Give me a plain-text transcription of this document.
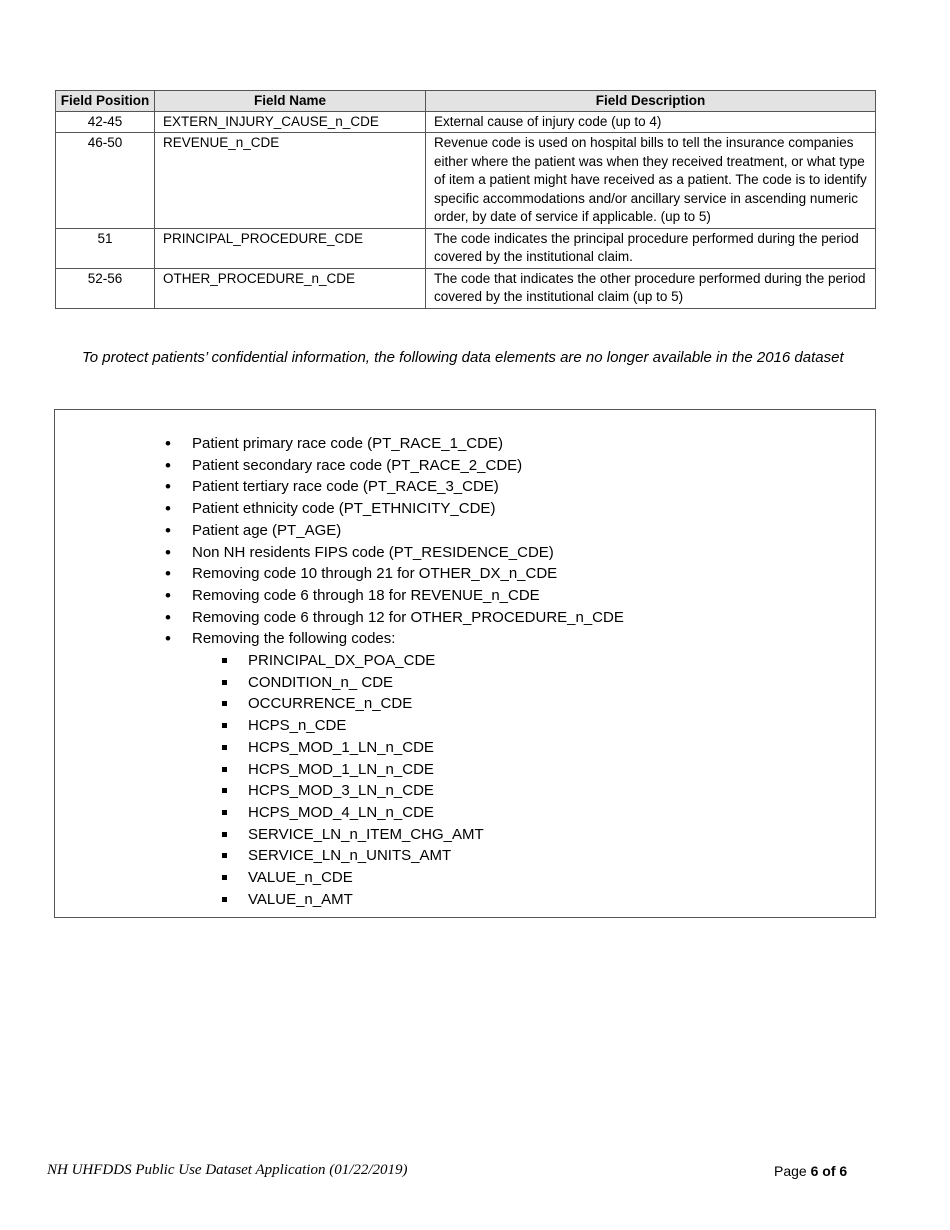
Field Position	Field Name	Field Description
42-45	EXTERN_INJURY_CAUSE_n_CDE	External cause of injury code (up to 4)
46-50	REVENUE_n_CDE	Revenue code is used on hospital bills to tell the insurance companies either where the patient was when they received treatment, or what type of item a patient might have received as a patient. The code is to identify specific accommodations and/or ancillary service in ascending numeric order, by date of service if applicable. (up to 5)
51	PRINCIPAL_PROCEDURE_CDE	The code indicates the principal procedure performed during the period covered by the institutional claim.
52-56	OTHER_PROCEDURE_n_CDE	The code that indicates the other procedure performed during the period covered by the institutional claim (up to 5)
To protect patients’ confidential information, the following data elements are no longer available in the 2016 dataset
• Patient primary race code (PT_RACE_1_CDE)
• Patient secondary race code (PT_RACE_2_CDE)
• Patient tertiary race code (PT_RACE_3_CDE)
• Patient ethnicity code (PT_ETHNICITY_CDE)
• Patient age (PT_AGE)
• Non NH residents FIPS code (PT_RESIDENCE_CDE)
• Removing code 10 through 21 for OTHER_DX_n_CDE
• Removing code 6 through 18 for REVENUE_n_CDE
• Removing code 6 through 12 for OTHER_PROCEDURE_n_CDE
• Removing the following codes:
PRINCIPAL_DX_POA_CDE
CONDITION_n_ CDE
OCCURRENCE_n_CDE
HCPS_n_CDE
HCPS_MOD_1_LN_n_CDE
HCPS_MOD_1_LN_n_CDE
HCPS_MOD_3_LN_n_CDE
HCPS_MOD_4_LN_n_CDE
SERVICE_LN_n_ITEM_CHG_AMT
SERVICE_LN_n_UNITS_AMT
VALUE_n_CDE
VALUE_n_AMT
NH UHFDDS Public Use Dataset Application (01/22/2019)	Page 6 of 6
